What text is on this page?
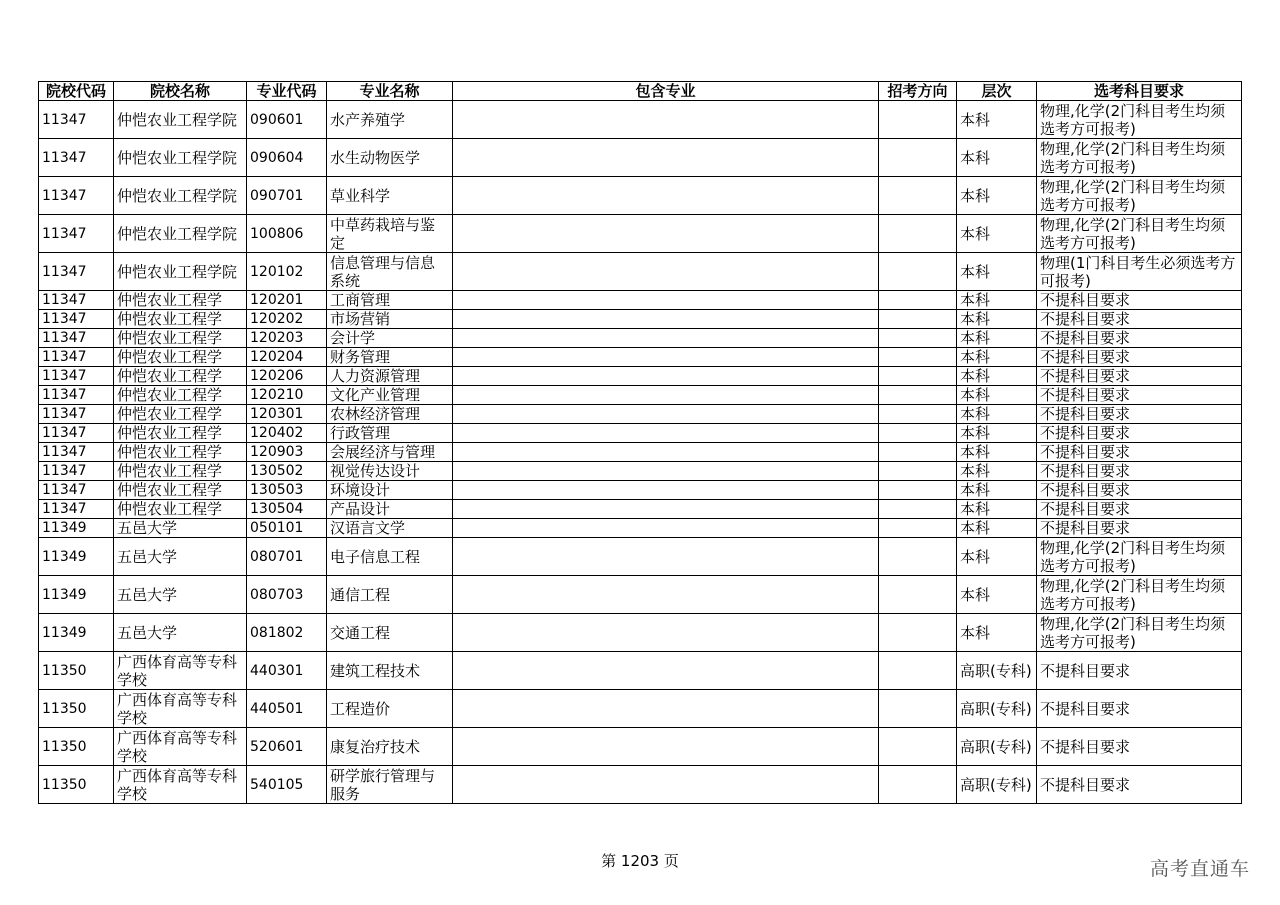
院校代码	院校名称	专业代码	专业名称	包含专业	招考方向	层次	选考科目要求
11347	仲恺农业工程学院	090601	水产养殖学			本科	物理,化学(2门科目考生均须选考方可报考)
11347	仲恺农业工程学院	090604	水生动物医学			本科	物理,化学(2门科目考生均须选考方可报考)
11347	仲恺农业工程学院	090701	草业科学			本科	物理,化学(2门科目考生均须选考方可报考)
11347	仲恺农业工程学院	100806	中草药栽培与鉴定			本科	物理,化学(2门科目考生均须选考方可报考)
11347	仲恺农业工程学院	120102	信息管理与信息系统			本科	物理(1门科目考生必须选考方可报考)
11347	仲恺农业工程学	120201	工商管理			本科	不提科目要求
11347	仲恺农业工程学	120202	市场营销			本科	不提科目要求
11347	仲恺农业工程学	120203	会计学			本科	不提科目要求
11347	仲恺农业工程学	120204	财务管理			本科	不提科目要求
11347	仲恺农业工程学	120206	人力资源管理			本科	不提科目要求
11347	仲恺农业工程学	120210	文化产业管理			本科	不提科目要求
11347	仲恺农业工程学	120301	农林经济管理			本科	不提科目要求
11347	仲恺农业工程学	120402	行政管理			本科	不提科目要求
11347	仲恺农业工程学	120903	会展经济与管理			本科	不提科目要求
11347	仲恺农业工程学	130502	视觉传达设计			本科	不提科目要求
11347	仲恺农业工程学	130503	环境设计			本科	不提科目要求
11347	仲恺农业工程学	130504	产品设计			本科	不提科目要求
11349	五邑大学	050101	汉语言文学			本科	不提科目要求
11349	五邑大学	080701	电子信息工程			本科	物理,化学(2门科目考生均须选考方可报考)
11349	五邑大学	080703	通信工程			本科	物理,化学(2门科目考生均须选考方可报考)
11349	五邑大学	081802	交通工程			本科	物理,化学(2门科目考生均须选考方可报考)
11350	广西体育高等专科学校	440301	建筑工程技术			高职(专科)	不提科目要求
11350	广西体育高等专科学校	440501	工程造价			高职(专科)	不提科目要求
11350	广西体育高等专科学校	520601	康复治疗技术			高职(专科)	不提科目要求
11350	广西体育高等专科学校	540105	研学旅行管理与服务			高职(专科)	不提科目要求
第 1203 页	高考直通车
